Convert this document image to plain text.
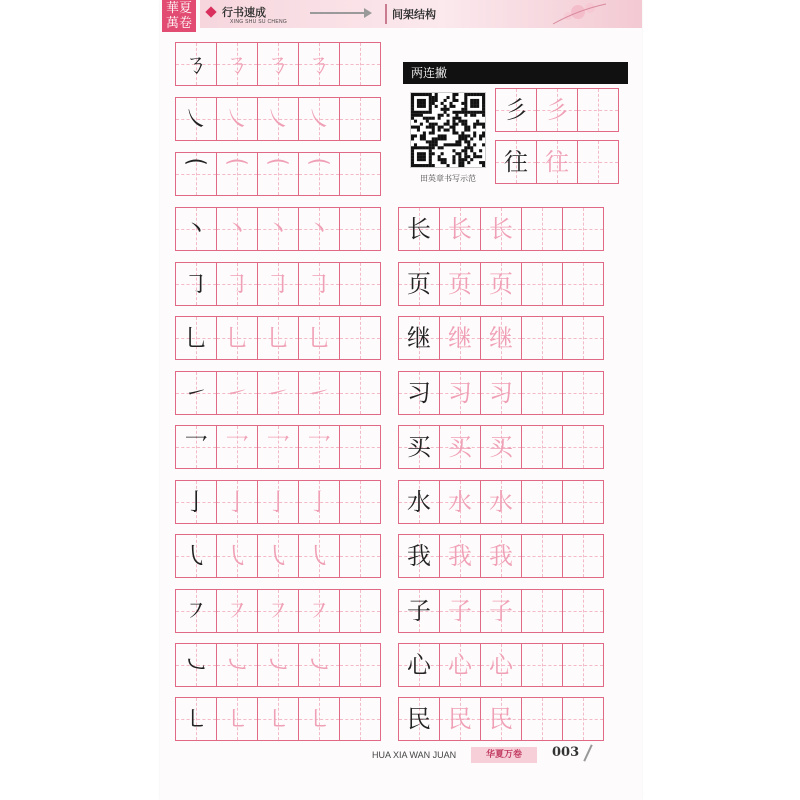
華夏
萬卷
行书速成
XING SHU SU CHENG
间架结构
两连撇
田英章书写示范
ㄋ ㄋ ㄋ ㄋ
㇏ ㇏ ㇏ ㇏
⁀ ⁀ ⁀ ⁀
丶 丶 丶 丶
㇆ ㇆ ㇆ ㇆
乚 乚 乚 乚
㇀ ㇀ ㇀ ㇀
乛 乛 乛 乛
亅 亅 亅 亅
㇂ ㇂ ㇂ ㇂
㇇ ㇇ ㇇ ㇇
㇃ ㇃ ㇃ ㇃
㇄ ㇄ ㇄ ㇄
彡 彡
往 往
长 长 长
页 页 页
继 继 继
习 习 习
买 买 买
水 水 水
我 我 我
子 子 子
心 心 心
民 民 民
HUA XIA WAN JUAN	华夏万卷	003
